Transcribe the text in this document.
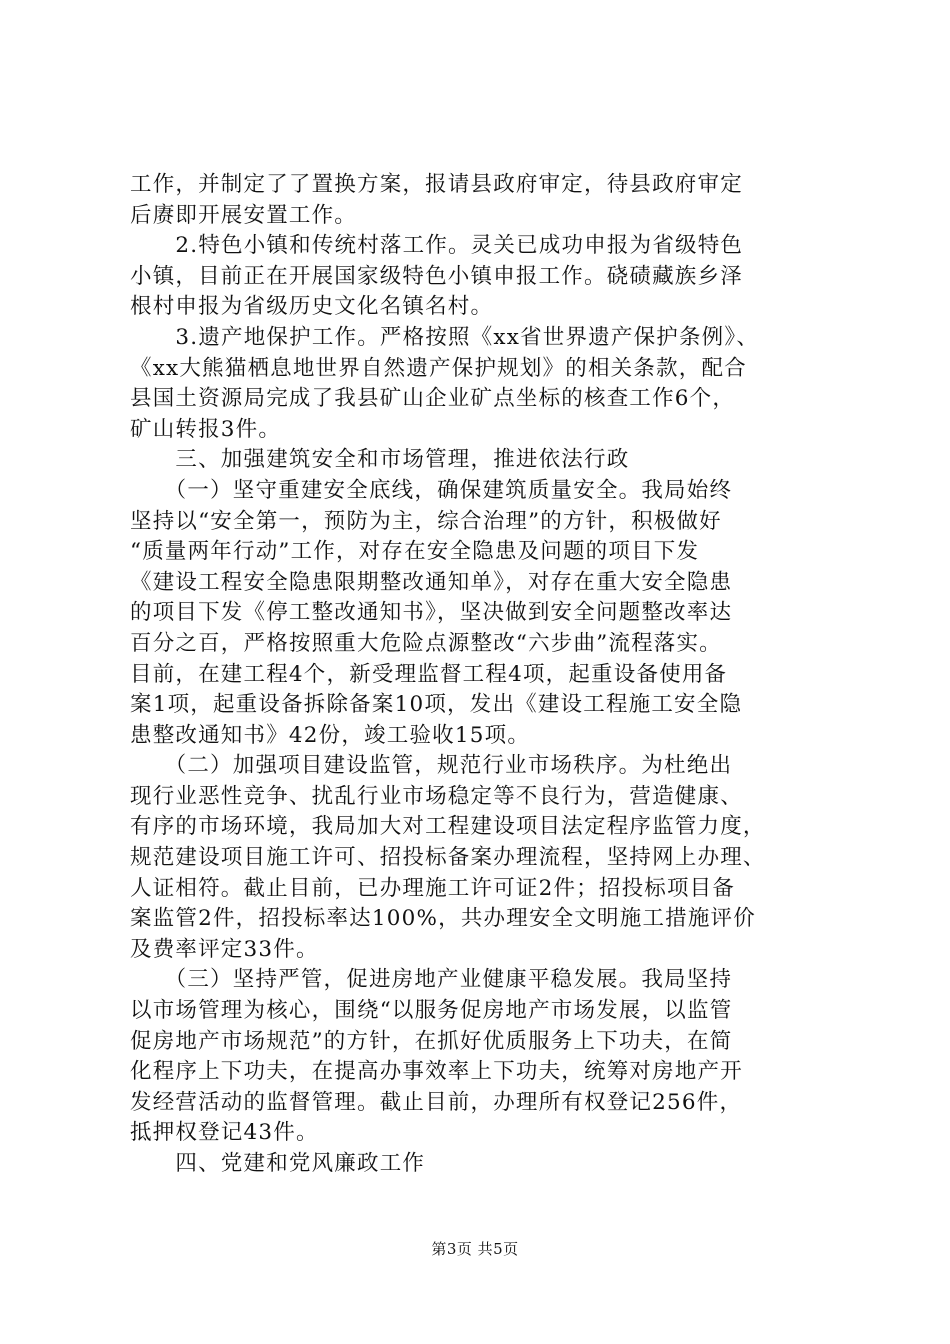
工作，并制定了了置换方案，报请县政府审定，待县政府审定
后赓即开展安置工作。
　　2.特色小镇和传统村落工作。灵关已成功申报为省级特色
小镇，目前正在开展国家级特色小镇申报工作。硗碛藏族乡泽
根村申报为省级历史文化名镇名村。
　　3.遗产地保护工作。严格按照《xx省世界遗产保护条例》、
《xx大熊猫栖息地世界自然遗产保护规划》的相关条款，配合
县国土资源局完成了我县矿山企业矿点坐标的核查工作6个，
矿山转报3件。
　　三、加强建筑安全和市场管理，推进依法行政
　　（一）坚守重建安全底线，确保建筑质量安全。我局始终
坚持以“安全第一，预防为主，综合治理”的方针，积极做好
“质量两年行动”工作，对存在安全隐患及问题的项目下发
《建设工程安全隐患限期整改通知单》，对存在重大安全隐患
的项目下发《停工整改通知书》，坚决做到安全问题整改率达
百分之百，严格按照重大危险点源整改“六步曲”流程落实。
目前，在建工程4个，新受理监督工程4项，起重设备使用备
案1项，起重设备拆除备案10项，发出《建设工程施工安全隐
患整改通知书》42份，竣工验收15项。
　　（二）加强项目建设监管，规范行业市场秩序。为杜绝出
现行业恶性竞争、扰乱行业市场稳定等不良行为，营造健康、
有序的市场环境，我局加大对工程建设项目法定程序监管力度，
规范建设项目施工许可、招投标备案办理流程，坚持网上办理、
人证相符。截止目前，已办理施工许可证2件；招投标项目备
案监管2件，招投标率达100%，共办理安全文明施工措施评价
及费率评定33件。
　　（三）坚持严管，促进房地产业健康平稳发展。我局坚持
以市场管理为核心，围绕“以服务促房地产市场发展，以监管
促房地产市场规范”的方针，在抓好优质服务上下功夫，在简
化程序上下功夫，在提高办事效率上下功夫，统筹对房地产开
发经营活动的监督管理。截止目前，办理所有权登记256件，
抵押权登记43件。
　　四、党建和党风廉政工作
第3页 共5页
